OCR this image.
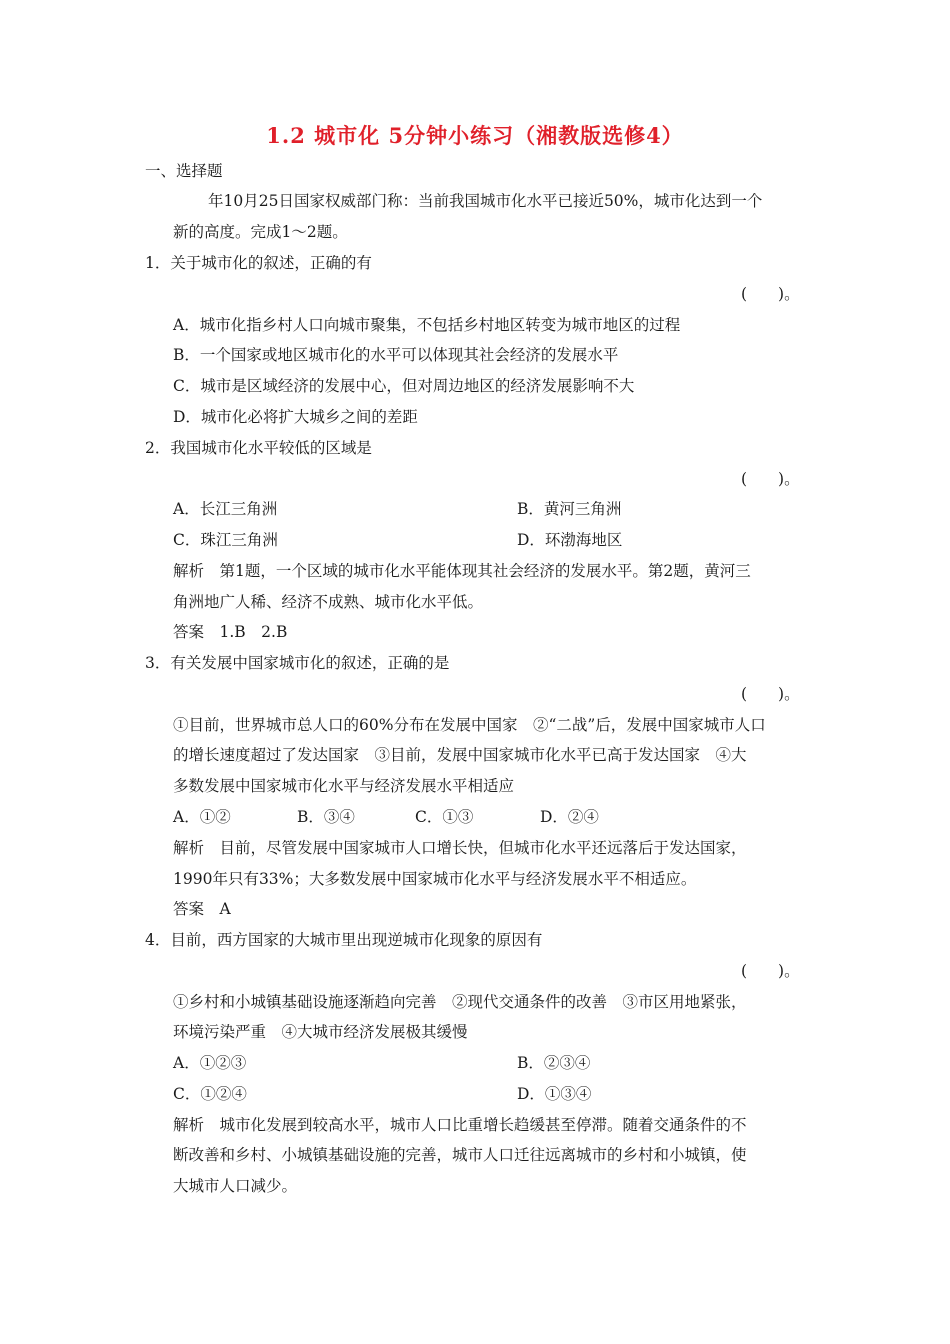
1.2 城市化 5分钟小练习（湘教版选修4）
一、选择题
年10月25日国家权威部门称：当前我国城市化水平已接近50%，城市化达到一个
新的高度。完成1～2题。
1．关于城市化的叙述，正确的有
(　　)。
A．城市化指乡村人口向城市聚集，不包括乡村地区转变为城市地区的过程
B．一个国家或地区城市化的水平可以体现其社会经济的发展水平
C．城市是区域经济的发展中心，但对周边地区的经济发展影响不大
D．城市化必将扩大城乡之间的差距
2．我国城市化水平较低的区域是
(　　)。
A．长江三角洲	B．黄河三角洲
C．珠江三角洲	D．环渤海地区
解析　第1题，一个区域的城市化水平能体现其社会经济的发展水平。第2题，黄河三
角洲地广人稀、经济不成熟、城市化水平低。
答案　1.B　2.B
3．有关发展中国家城市化的叙述，正确的是
(　　)。
①目前，世界城市总人口的60%分布在发展中国家　②“二战”后，发展中国家城市人口
的增长速度超过了发达国家　③目前，发展中国家城市化水平已高于发达国家　④大
多数发展中国家城市化水平与经济发展水平相适应
A．①②	B．③④	C．①③	D．②④
解析　目前，尽管发展中国家城市人口增长快，但城市化水平还远落后于发达国家，
1990年只有33%；大多数发展中国家城市化水平与经济发展水平不相适应。
答案　A
4．目前，西方国家的大城市里出现逆城市化现象的原因有
(　　)。
①乡村和小城镇基础设施逐渐趋向完善　②现代交通条件的改善　③市区用地紧张，
环境污染严重　④大城市经济发展极其缓慢
A．①②③	B．②③④
C．①②④	D．①③④
解析　城市化发展到较高水平，城市人口比重增长趋缓甚至停滞。随着交通条件的不
断改善和乡村、小城镇基础设施的完善，城市人口迁往远离城市的乡村和小城镇，使
大城市人口减少。
